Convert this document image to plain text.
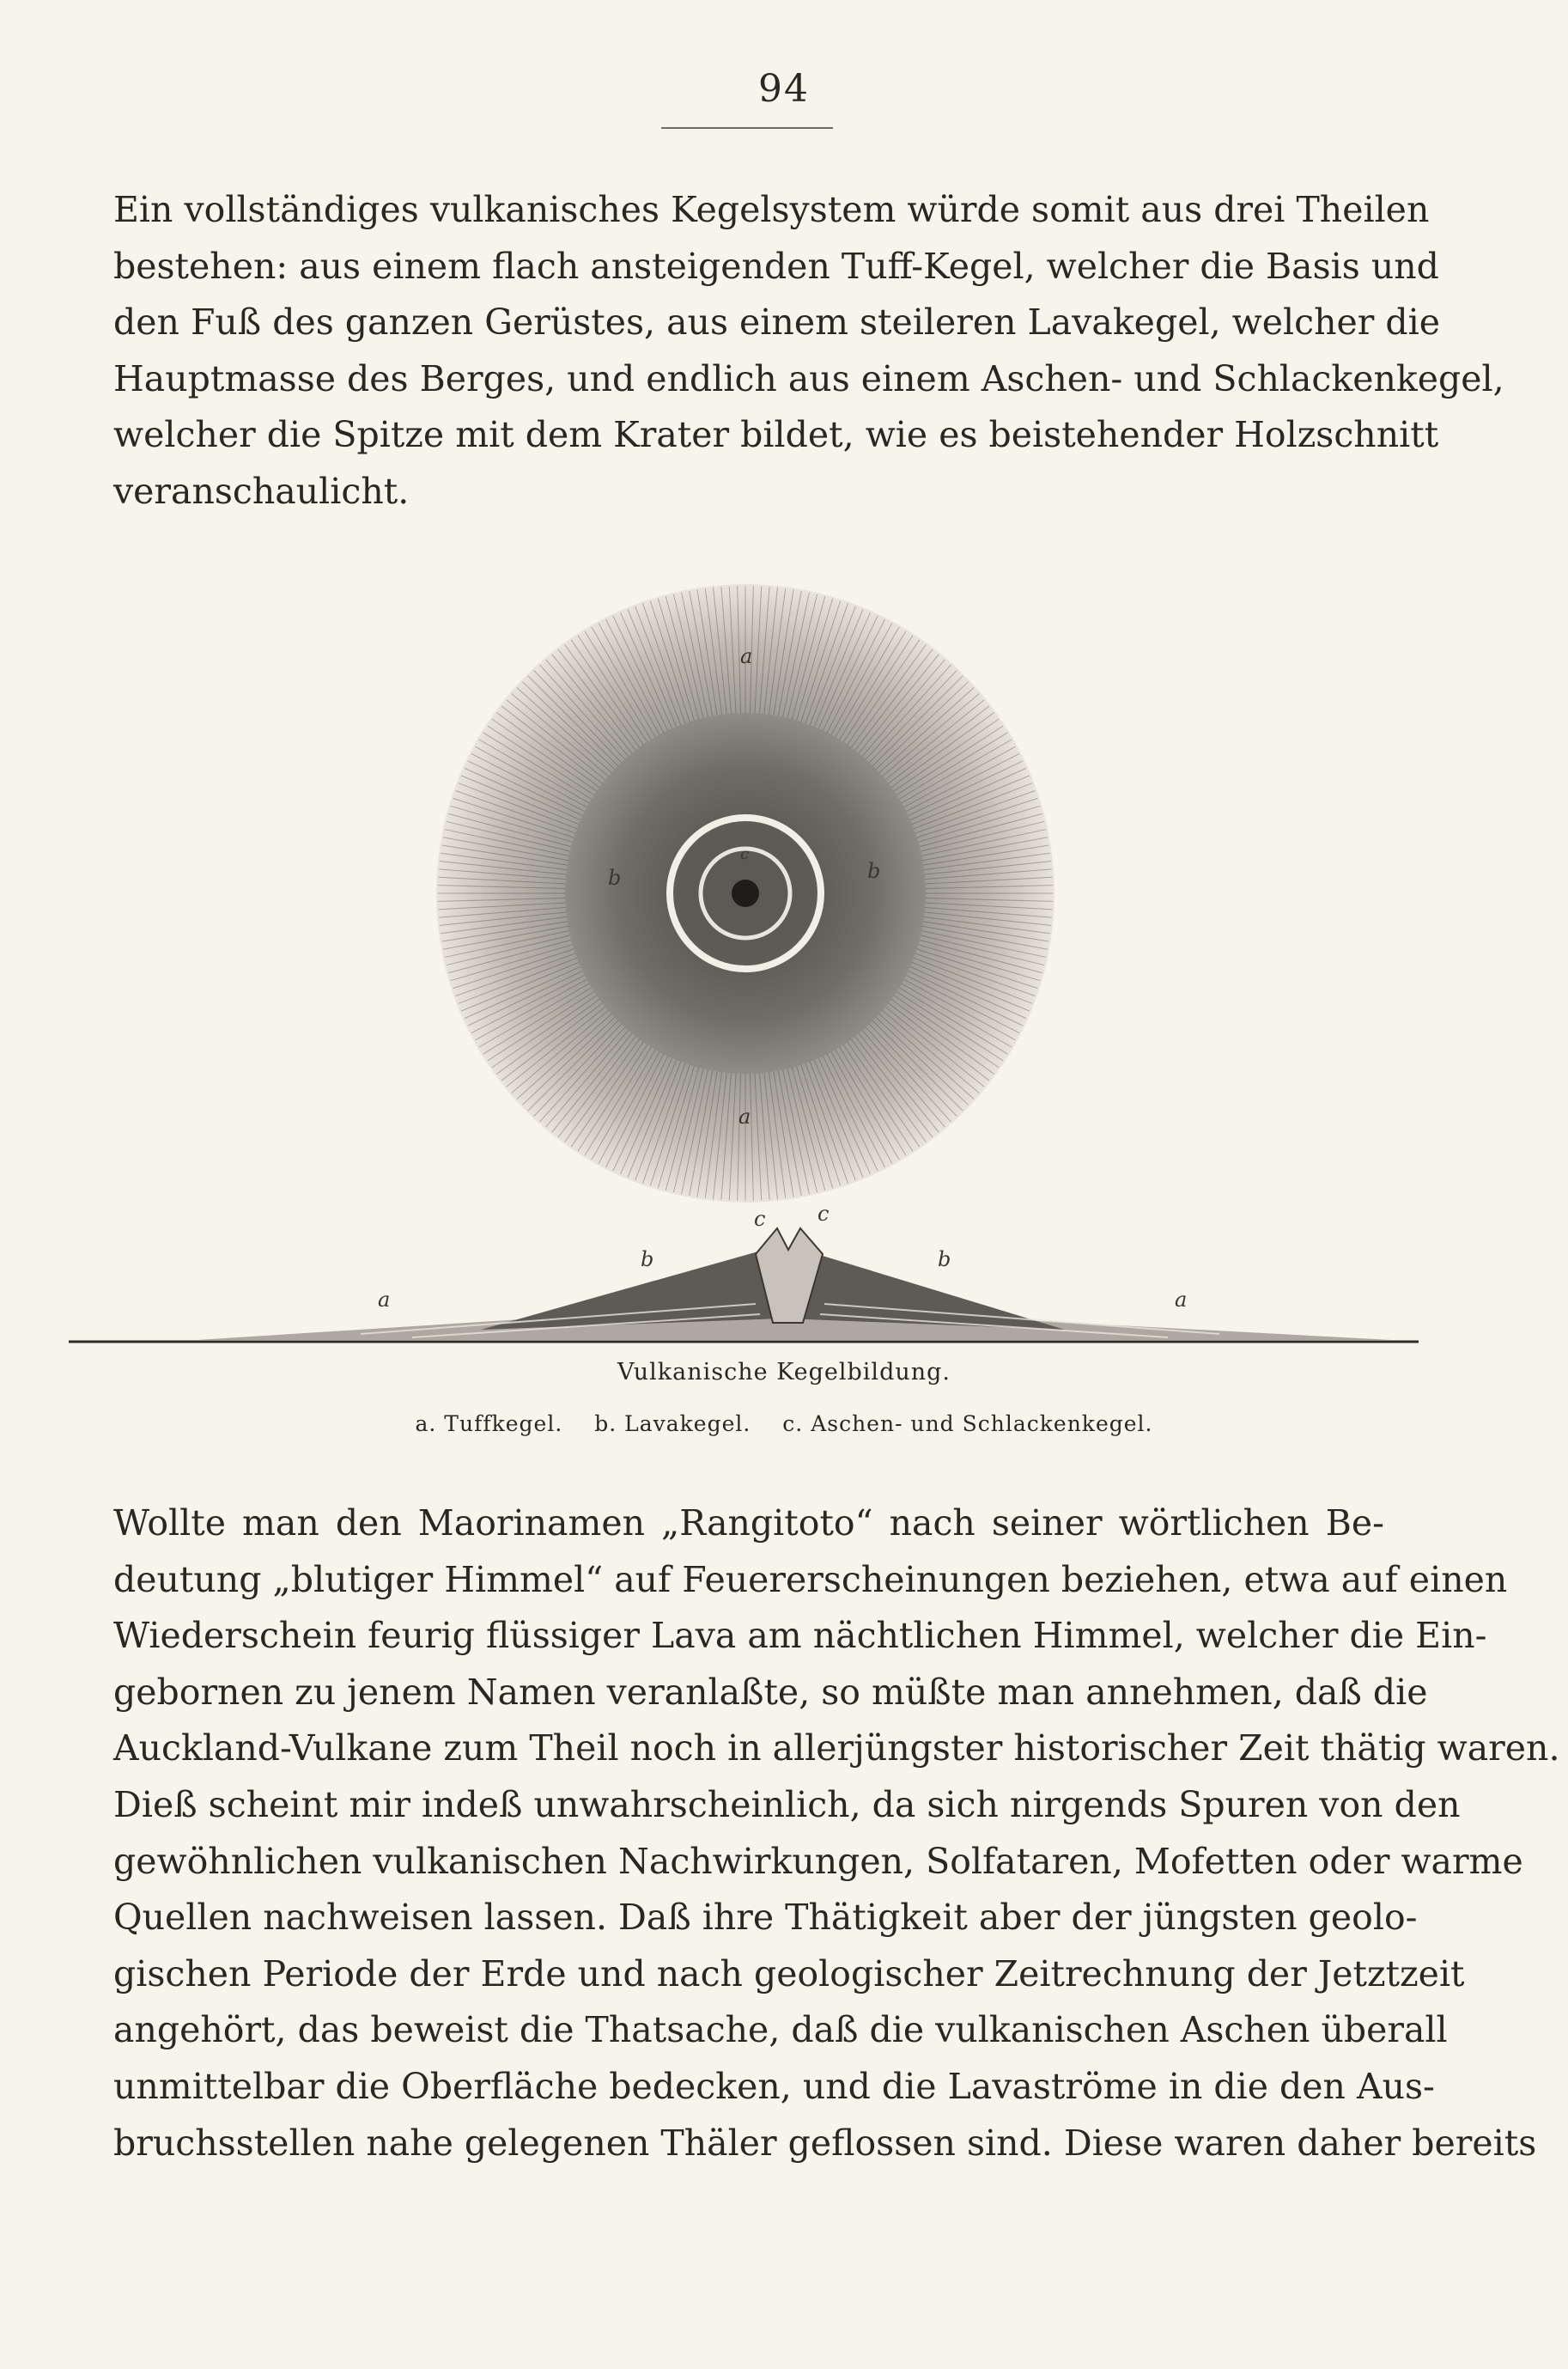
94
Ein vollständiges vulkanisches Kegelsystem würde somit aus drei Theilen
bestehen: aus einem flach ansteigenden Tuff-Kegel, welcher die Basis und
den Fuß des ganzen Gerüstes, aus einem steileren Lavakegel, welcher die
Hauptmasse des Berges, und endlich aus einem Aschen- und Schlackenkegel,
welcher die Spitze mit dem Krater bildet, wie es beistehender Holzschnitt
veranschaulicht.
a
b	b
a
c
c	c
b	b
a	a
Vulkanische Kegelbildung.
a. Tuffkegel. b. Lavakegel. c. Aschen- und Schlackenkegel.
Wollte man den Maorinamen „Rangitoto“ nach seiner wörtlichen Be-
deutung „blutiger Himmel“ auf Feuererscheinungen beziehen, etwa auf einen
Wiederschein feurig flüssiger Lava am nächtlichen Himmel, welcher die Ein-
gebornen zu jenem Namen veranlaßte, so müßte man annehmen, daß die
Auckland-Vulkane zum Theil noch in allerjüngster historischer Zeit thätig waren.
Dieß scheint mir indeß unwahrscheinlich, da sich nirgends Spuren von den
gewöhnlichen vulkanischen Nachwirkungen, Solfataren, Mofetten oder warme
Quellen nachweisen lassen. Daß ihre Thätigkeit aber der jüngsten geolo-
gischen Periode der Erde und nach geologischer Zeitrechnung der Jetztzeit
angehört, das beweist die Thatsache, daß die vulkanischen Aschen überall
unmittelbar die Oberfläche bedecken, und die Lavaströme in die den Aus-
bruchsstellen nahe gelegenen Thäler geflossen sind. Diese waren daher bereits
